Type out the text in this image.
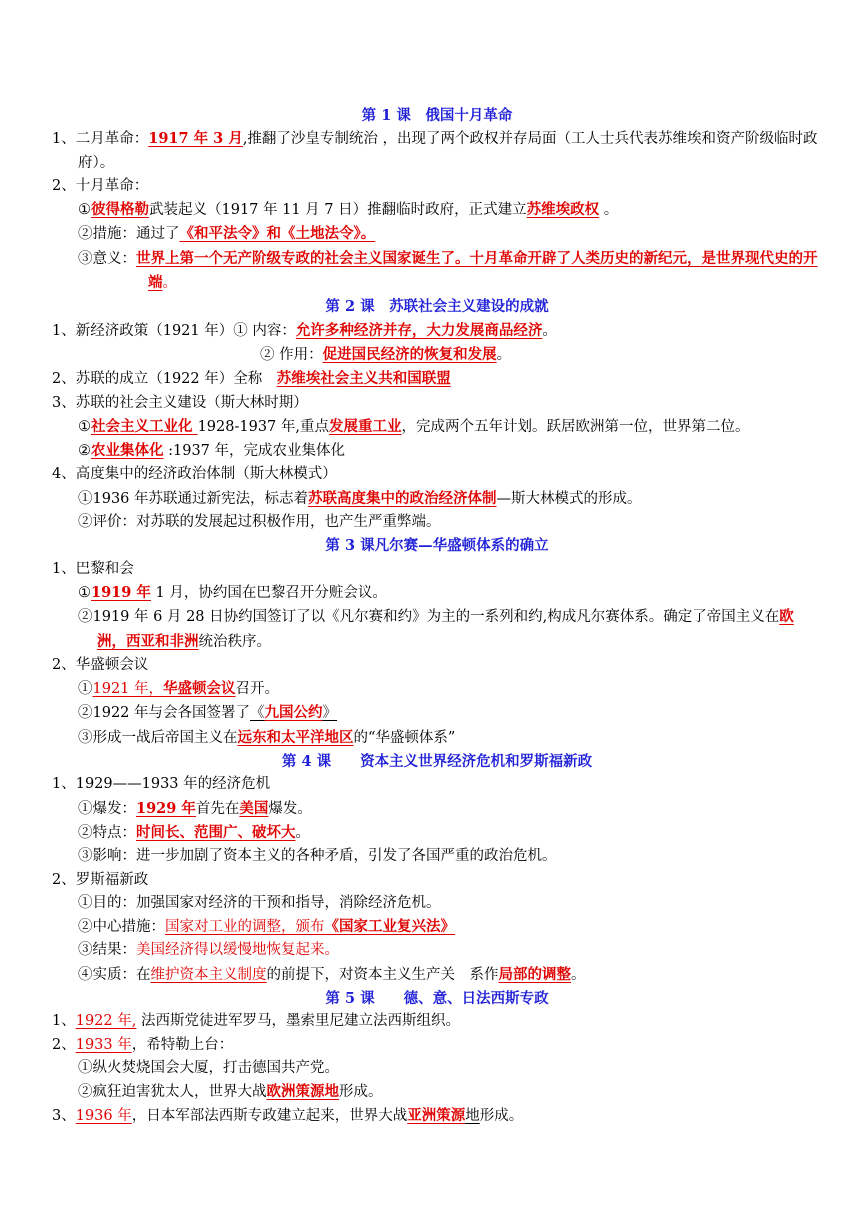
第 1 课　俄国十月革命
1、二月革命：1917 年 3 月,推翻了沙皇专制统治 ，出现了两个政权并存局面（工人士兵代表苏维埃和资产阶级临时政府）。
2、十月革命：
①彼得格勒武装起义（1917 年 11 月 7 日）推翻临时政府，正式建立苏维埃政权 。
②措施：通过了《和平法令》和《土地法令》。
③意义：世界上第一个无产阶级专政的社会主义国家诞生了。十月革命开辟了人类历史的新纪元，是世界现代史的开端。
第 2 课　苏联社会主义建设的成就
1、新经济政策（1921 年）① 内容：允许多种经济并存，大力发展商品经济。
② 作用：促进国民经济的恢复和发展。
2、苏联的成立（1922 年）全称　苏维埃社会主义共和国联盟
3、苏联的社会主义建设（斯大林时期）
①社会主义工业化 1928-1937 年,重点发展重工业，完成两个五年计划。跃居欧洲第一位，世界第二位。
②农业集体化 :1937 年，完成农业集体化
4、高度集中的经济政治体制（斯大林模式）
①1936 年苏联通过新宪法，标志着苏联高度集中的政治经济体制—斯大林模式的形成。
②评价：对苏联的发展起过积极作用，也产生严重弊端。
第 3 课凡尔赛—华盛顿体系的确立
1、巴黎和会
①1919 年 1 月，协约国在巴黎召开分赃会议。
②1919 年 6 月 28 日协约国签订了以《凡尔赛和约》为主的一系列和约,构成凡尔赛体系。确定了帝国主义在欧洲，西亚和非洲统治秩序。
2、华盛顿会议
①1921 年，华盛顿会议召开。
②1922 年与会各国签署了《九国公约》
③形成一战后帝国主义在远东和太平洋地区的“华盛顿体系”
第 4 课　　资本主义世界经济危机和罗斯福新政
1、1929——1933 年的经济危机
①爆发：1929 年首先在美国爆发。
②特点：时间长、范围广、破坏大。
③影响：进一步加剧了资本主义的各种矛盾，引发了各国严重的政治危机。
2、罗斯福新政
①目的：加强国家对经济的干预和指导，消除经济危机。
②中心措施：国家对工业的调整，颁布《国家工业复兴法》
③结果：美国经济得以缓慢地恢复起来。
④实质：在维护资本主义制度的前提下，对资本主义生产关　系作局部的调整。
第 5 课　　德、意、日法西斯专政
1、1922 年, 法西斯党徒进军罗马，墨索里尼建立法西斯组织。
2、1933 年，希特勒上台：
①纵火焚烧国会大厦，打击德国共产党。
②疯狂迫害犹太人，世界大战欧洲策源地形成。
3、1936 年，日本军部法西斯专政建立起来，世界大战亚洲策源地形成。
